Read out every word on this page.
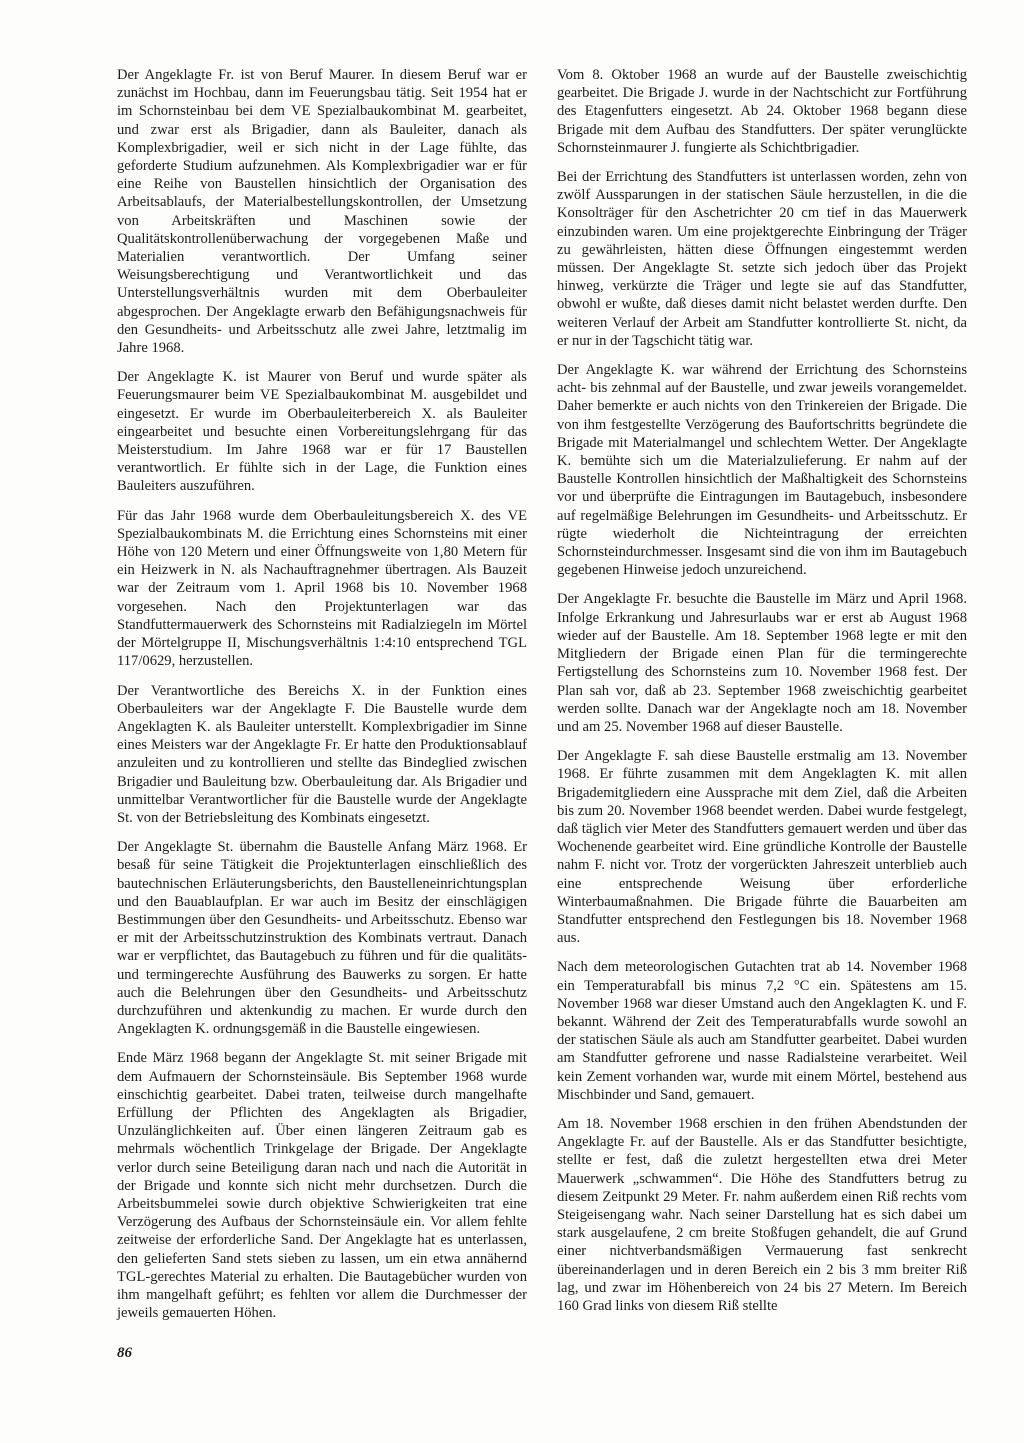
Der Angeklagte Fr. ist von Beruf Maurer. In diesem Beruf war er zunächst im Hochbau, dann im Feuerungsbau tätig. Seit 1954 hat er im Schornsteinbau bei dem VE Spezialbaukombinat M. gearbeitet, und zwar erst als Brigadier, dann als Bauleiter, danach als Komplexbrigadier, weil er sich nicht in der Lage fühlte, das geforderte Studium aufzunehmen. Als Komplexbrigadier war er für eine Reihe von Baustellen hinsichtlich der Organisation des Arbeitsablaufs, der Materialbestellungskontrollen, der Umsetzung von Arbeitskräften und Maschinen sowie der Qualitätskontrollenüberwachung der vorgegebenen Maße und Materialien verantwortlich. Der Umfang seiner Weisungsberechtigung und Verantwortlichkeit und das Unterstellungsverhältnis wurden mit dem Oberbauleiter abgesprochen. Der Angeklagte erwarb den Befähigungsnachweis für den Gesundheits- und Arbeitsschutz alle zwei Jahre, letztmalig im Jahre 1968.

Der Angeklagte K. ist Maurer von Beruf und wurde später als Feuerungsmaurer beim VE Spezialbaukombinat M. ausgebildet und eingesetzt. Er wurde im Oberbauleiterbereich X. als Bauleiter eingearbeitet und besuchte einen Vorbereitungslehrgang für das Meisterstudium. Im Jahre 1968 war er für 17 Baustellen verantwortlich. Er fühlte sich in der Lage, die Funktion eines Bauleiters auszuführen.

Für das Jahr 1968 wurde dem Oberbauleitungsbereich X. des VE Spezialbaukombinats M. die Errichtung eines Schornsteins mit einer Höhe von 120 Metern und einer Öffnungsweite von 1,80 Metern für ein Heizwerk in N. als Nachauftragnehmer übertragen. Als Bauzeit war der Zeitraum vom 1. April 1968 bis 10. November 1968 vorgesehen. Nach den Projektunterlagen war das Standfuttermauerwerk des Schornsteins mit Radialziegeln im Mörtel der Mörtelgruppe II, Mischungsverhältnis 1:4:10 entsprechend TGL 117/0629, herzustellen.

Der Verantwortliche des Bereichs X. in der Funktion eines Oberbauleiters war der Angeklagte F. Die Baustelle wurde dem Angeklagten K. als Bauleiter unterstellt. Komplexbrigadier im Sinne eines Meisters war der Angeklagte Fr. Er hatte den Produktionsablauf anzuleiten und zu kontrollieren und stellte das Bindeglied zwischen Brigadier und Bauleitung bzw. Oberbauleitung dar. Als Brigadier und unmittelbar Verantwortlicher für die Baustelle wurde der Angeklagte St. von der Betriebsleitung des Kombinats eingesetzt.

Der Angeklagte St. übernahm die Baustelle Anfang März 1968. Er besaß für seine Tätigkeit die Projektunterlagen einschließlich des bautechnischen Erläuterungsberichts, den Baustelleneinrichtungsplan und den Bauablaufplan. Er war auch im Besitz der einschlägigen Bestimmungen über den Gesundheits- und Arbeitsschutz. Ebenso war er mit der Arbeitsschutzinstruktion des Kombinats vertraut. Danach war er verpflichtet, das Bautagebuch zu führen und für die qualitäts- und termingerechte Ausführung des Bauwerks zu sorgen. Er hatte auch die Belehrungen über den Gesundheits- und Arbeitsschutz durchzuführen und aktenkundig zu machen. Er wurde durch den Angeklagten K. ordnungsgemäß in die Baustelle eingewiesen.

Ende März 1968 begann der Angeklagte St. mit seiner Brigade mit dem Aufmauern der Schornsteinsäule. Bis September 1968 wurde einschichtig gearbeitet. Dabei traten, teilweise durch mangelhafte Erfüllung der Pflichten des Angeklagten als Brigadier, Unzulänglichkeiten auf. Über einen längeren Zeitraum gab es mehrmals wöchentlich Trinkgelage der Brigade. Der Angeklagte verlor durch seine Beteiligung daran nach und nach die Autorität in der Brigade und konnte sich nicht mehr durchsetzen. Durch die Arbeitsbummelei sowie durch objektive Schwierigkeiten trat eine Verzögerung des Aufbaus der Schornsteinsäule ein. Vor allem fehlte zeitweise der erforderliche Sand. Der Angeklagte hat es unterlassen, den gelieferten Sand stets sieben zu lassen, um ein etwa annähernd TGL-gerechtes Material zu erhalten. Die Bautagebücher wurden von ihm mangelhaft geführt; es fehlten vor allem die Durchmesser der jeweils gemauerten Höhen.

Vom 8. Oktober 1968 an wurde auf der Baustelle zweischichtig gearbeitet. Die Brigade J. wurde in der Nachtschicht zur Fortführung des Etagenfutters eingesetzt. Ab 24. Oktober 1968 begann diese Brigade mit dem Aufbau des Standfutters. Der später verunglückte Schornsteinmaurer J. fungierte als Schichtbrigadier.

Bei der Errichtung des Standfutters ist unterlassen worden, zehn von zwölf Aussparungen in der statischen Säule herzustellen, in die die Konsolträger für den Aschetrichter 20 cm tief in das Mauerwerk einzubinden waren. Um eine projektgerechte Einbringung der Träger zu gewährleisten, hätten diese Öffnungen eingestemmt werden müssen. Der Angeklagte St. setzte sich jedoch über das Projekt hinweg, verkürzte die Träger und legte sie auf das Standfutter, obwohl er wußte, daß dieses damit nicht belastet werden durfte. Den weiteren Verlauf der Arbeit am Standfutter kontrollierte St. nicht, da er nur in der Tagschicht tätig war.

Der Angeklagte K. war während der Errichtung des Schornsteins acht- bis zehnmal auf der Baustelle, und zwar jeweils vorangemeldet. Daher bemerkte er auch nichts von den Trinkereien der Brigade. Die von ihm festgestellte Verzögerung des Baufortschritts begründete die Brigade mit Materialmangel und schlechtem Wetter. Der Angeklagte K. bemühte sich um die Materialzulieferung. Er nahm auf der Baustelle Kontrollen hinsichtlich der Maßhaltigkeit des Schornsteins vor und überprüfte die Eintragungen im Bautagebuch, insbesondere auf regelmäßige Belehrungen im Gesundheits- und Arbeitsschutz. Er rügte wiederholt die Nichteintragung der erreichten Schornsteindurchmesser. Insgesamt sind die von ihm im Bautagebuch gegebenen Hinweise jedoch unzureichend.

Der Angeklagte Fr. besuchte die Baustelle im März und April 1968. Infolge Erkrankung und Jahresurlaubs war er erst ab August 1968 wieder auf der Baustelle. Am 18. September 1968 legte er mit den Mitgliedern der Brigade einen Plan für die termingerechte Fertigstellung des Schornsteins zum 10. November 1968 fest. Der Plan sah vor, daß ab 23. September 1968 zweischichtig gearbeitet werden sollte. Danach war der Angeklagte noch am 18. November und am 25. November 1968 auf dieser Baustelle.

Der Angeklagte F. sah diese Baustelle erstmalig am 13. November 1968. Er führte zusammen mit dem Angeklagten K. mit allen Brigademitgliedern eine Aussprache mit dem Ziel, daß die Arbeiten bis zum 20. November 1968 beendet werden. Dabei wurde festgelegt, daß täglich vier Meter des Standfutters gemauert werden und über das Wochenende gearbeitet wird. Eine gründliche Kontrolle der Baustelle nahm F. nicht vor. Trotz der vorgerückten Jahreszeit unterblieb auch eine entsprechende Weisung über erforderliche Winterbaumaßnahmen. Die Brigade führte die Bauarbeiten am Standfutter entsprechend den Festlegungen bis 18. November 1968 aus.

Nach dem meteorologischen Gutachten trat ab 14. November 1968 ein Temperaturabfall bis minus 7,2 °C ein. Spätestens am 15. November 1968 war dieser Umstand auch den Angeklagten K. und F. bekannt. Während der Zeit des Temperaturabfalls wurde sowohl an der statischen Säule als auch am Standfutter gearbeitet. Dabei wurden am Standfutter gefrorene und nasse Radialsteine verarbeitet. Weil kein Zement vorhanden war, wurde mit einem Mörtel, bestehend aus Mischbinder und Sand, gemauert.

Am 18. November 1968 erschien in den frühen Abendstunden der Angeklagte Fr. auf der Baustelle. Als er das Standfutter besichtigte, stellte er fest, daß die zuletzt hergestellten etwa drei Meter Mauerwerk „schwammen“. Die Höhe des Standfutters betrug zu diesem Zeitpunkt 29 Meter. Fr. nahm außerdem einen Riß rechts vom Steigeisengang wahr. Nach seiner Darstellung hat es sich dabei um stark ausgelaufene, 2 cm breite Stoßfugen gehandelt, die auf Grund einer nichtverbandsmäßigen Vermauerung fast senkrecht übereinanderlagen und in deren Bereich ein 2 bis 3 mm breiter Riß lag, und zwar im Höhenbereich von 24 bis 27 Metern. Im Bereich 160 Grad links von diesem Riß stellte

86
